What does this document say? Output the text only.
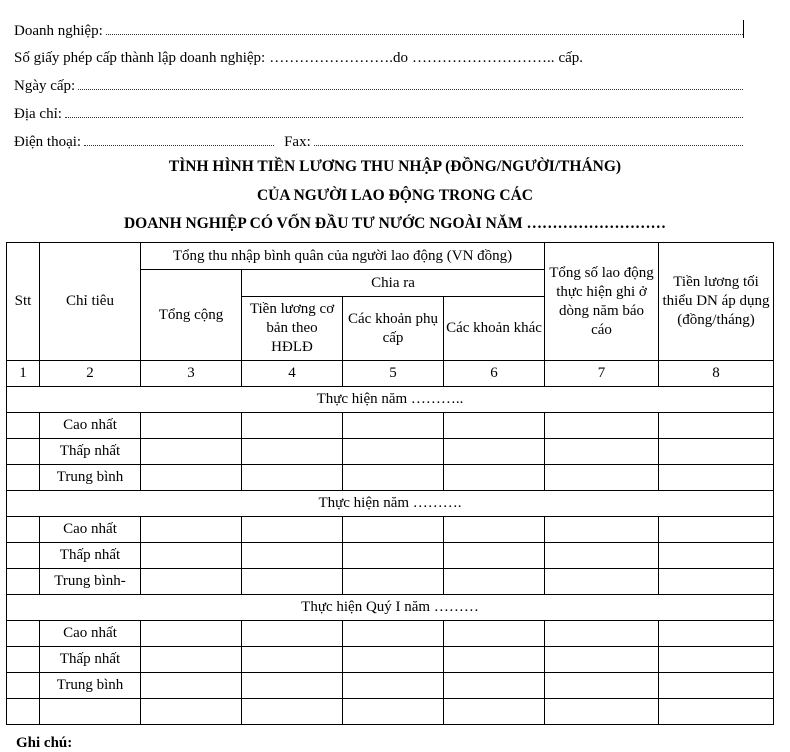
Doanh nghiệp:
Số giấy phép cấp thành lập doanh nghiệp: ……………………. do ……………………….. cấp.
Ngày cấp:
Địa chỉ:
Điện thoại:	Fax:
TÌNH HÌNH TIỀN LƯƠNG THU NHẬP (ĐỒNG/NGƯỜI/THÁNG)
CỦA NGƯỜI LAO ĐỘNG TRONG CÁC
DOANH NGHIỆP CÓ VỐN ĐẦU TƯ NƯỚC NGOÀI NĂM ………………………
Stt	Chỉ tiêu	Tổng thu nhập bình quân của người lao động (VN đồng)				Tổng số lao động thực hiện ghi ở dòng năm báo cáo	Tiền lương tối thiểu DN áp dụng (đồng/tháng)
		Tổng cộng	Chia ra				
			Tiền lương cơ bản theo HĐLĐ	Các khoản phụ cấp	Các khoản khác		
1	2	3	4	5	6	7	8
Thực hiện năm ………..							
	Cao nhất						
	Thấp nhất						
	Trung bình						
Thực hiện năm ……….							
	Cao nhất						
	Thấp nhất						
	Trung bình-						
Thực hiện Quý I năm ………							
	Cao nhất						
	Thấp nhất						
	Trung bình						

Ghi chú:
